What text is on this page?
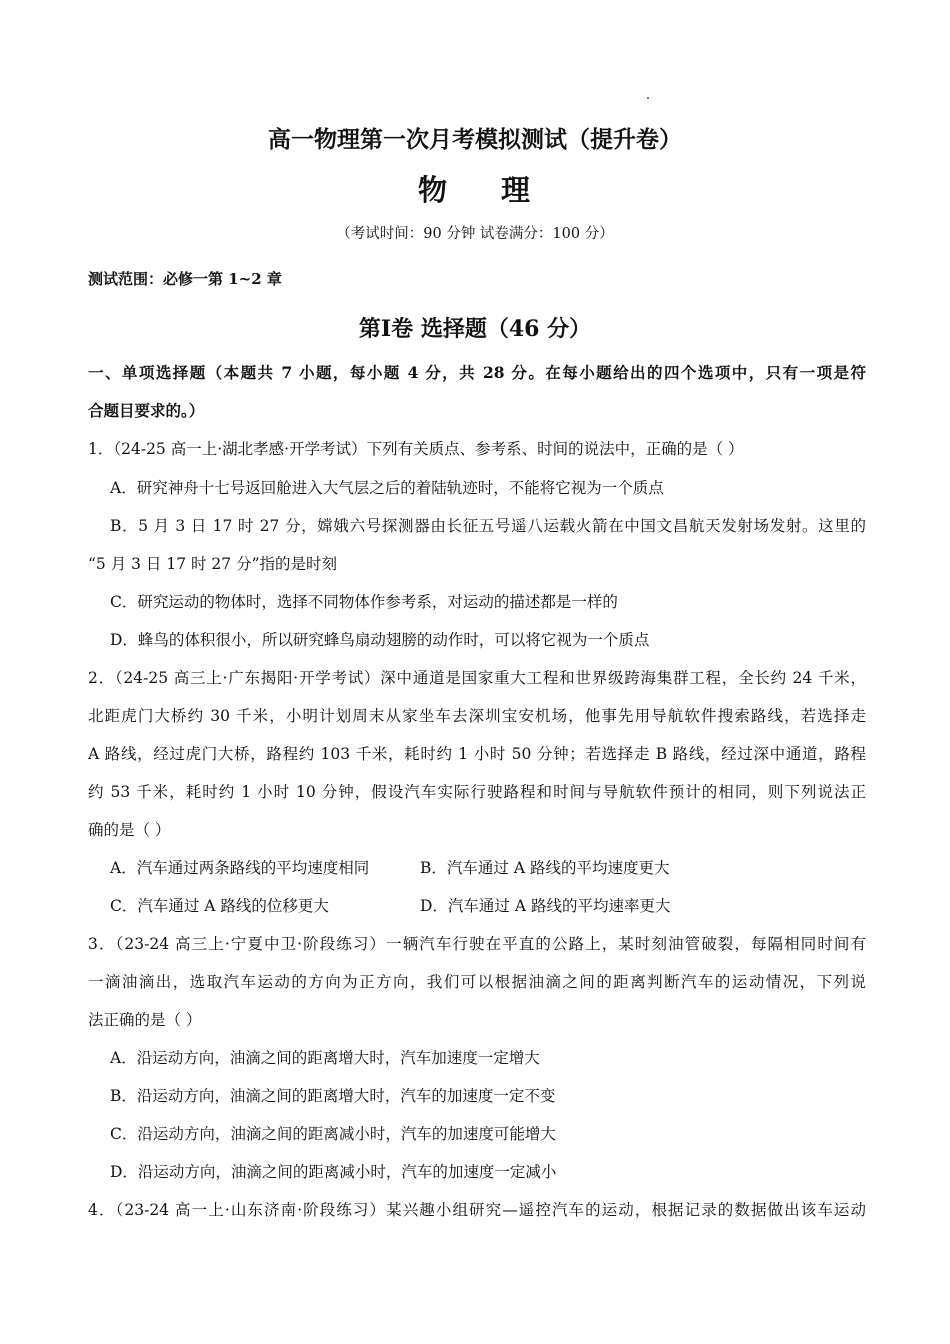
高一物理第一次月考模拟测试（提升卷）
物 理
（考试时间：90 分钟 试卷满分：100 分）
测试范围：必修一第 1~2 章
第Ⅰ卷 选择题（46 分）
一、单项选择题（本题共 7 小题，每小题 4 分，共 28 分。在每小题给出的四个选项中，只有一项是符
合题目要求的。）
1．（24-25 高一上·湖北孝感·开学考试）下列有关质点、参考系、时间的说法中，正确的是（ ）
A．研究神舟十七号返回舱进入大气层之后的着陆轨迹时，不能将它视为一个质点
B．5 月 3 日 17 时 27 分，嫦娥六号探测器由长征五号遥八运载火箭在中国文昌航天发射场发射。这里的
“5 月 3 日 17 时 27 分”指的是时刻
C．研究运动的物体时，选择不同物体作参考系，对运动的描述都是一样的
D．蜂鸟的体积很小，所以研究蜂鸟扇动翅膀的动作时，可以将它视为一个质点
2．（24-25 高三上·广东揭阳·开学考试）深中通道是国家重大工程和世界级跨海集群工程，全长约 24 千米，
北距虎门大桥约 30 千米，小明计划周末从家坐车去深圳宝安机场，他事先用导航软件搜索路线，若选择走
A 路线，经过虎门大桥，路程约 103 千米，耗时约 1 小时 50 分钟；若选择走 B 路线，经过深中通道，路程
约 53 千米，耗时约 1 小时 10 分钟，假设汽车实际行驶路程和时间与导航软件预计的相同，则下列说法正
确的是（ ）
A．汽车通过两条路线的平均速度相同	B．汽车通过 A 路线的平均速度更大
C．汽车通过 A 路线的位移更大	D．汽车通过 A 路线的平均速率更大
3．（23-24 高三上·宁夏中卫·阶段练习）一辆汽车行驶在平直的公路上，某时刻油管破裂，每隔相同时间有
一滴油滴出，选取汽车运动的方向为正方向，我们可以根据油滴之间的距离判断汽车的运动情况，下列说
法正确的是（ ）
A．沿运动方向，油滴之间的距离增大时，汽车加速度一定增大
B．沿运动方向，油滴之间的距离增大时，汽车的加速度一定不变
C．沿运动方向，油滴之间的距离减小时，汽车的加速度可能增大
D．沿运动方向，油滴之间的距离减小时，汽车的加速度一定减小
4．（23-24 高一上·山东济南·阶段练习）某兴趣小组研究—遥控汽车的运动，根据记录的数据做出该车运动
